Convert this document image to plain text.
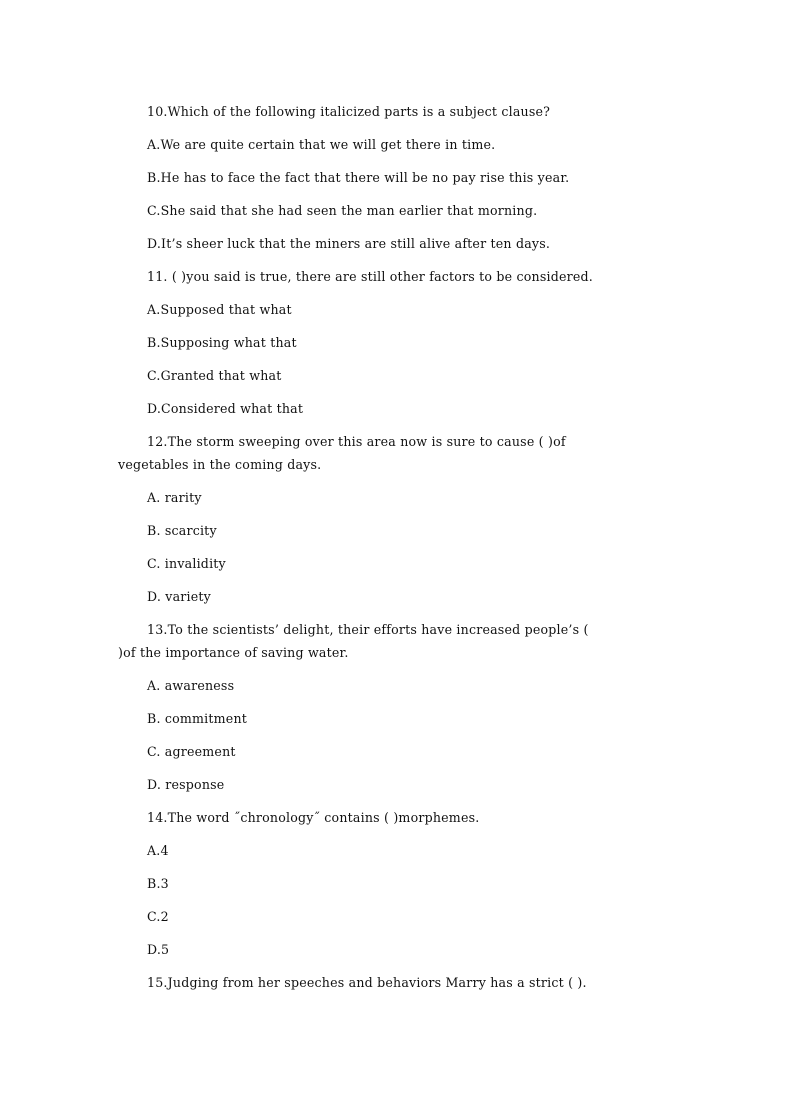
10.Which of the following italicized parts is a subject clause?
A.We are quite certain that we will get there in time.
B.He has to face the fact that there will be no pay rise this year.
C.She said that she had seen the man earlier that morning.
D.It’s sheer luck that the miners are still alive after ten days.
11. ( )you said is true, there are still other factors to be considered.
A.Supposed that what
B.Supposing what that
C.Granted that what
D.Considered what that
12.The storm sweeping over this area now is sure to cause ( )of
vegetables in the coming days.
A. rarity
B. scarcity
C. invalidity
D. variety
13.To the scientists’ delight, their efforts have increased people’s (
)of the importance of saving water.
A. awareness
B. commitment
C. agreement
D. response
14.The word ˝chronology˝ contains ( )morphemes.
A.4
B.3
C.2
D.5
15.Judging from her speeches and behaviors Marry has a strict ( ).
